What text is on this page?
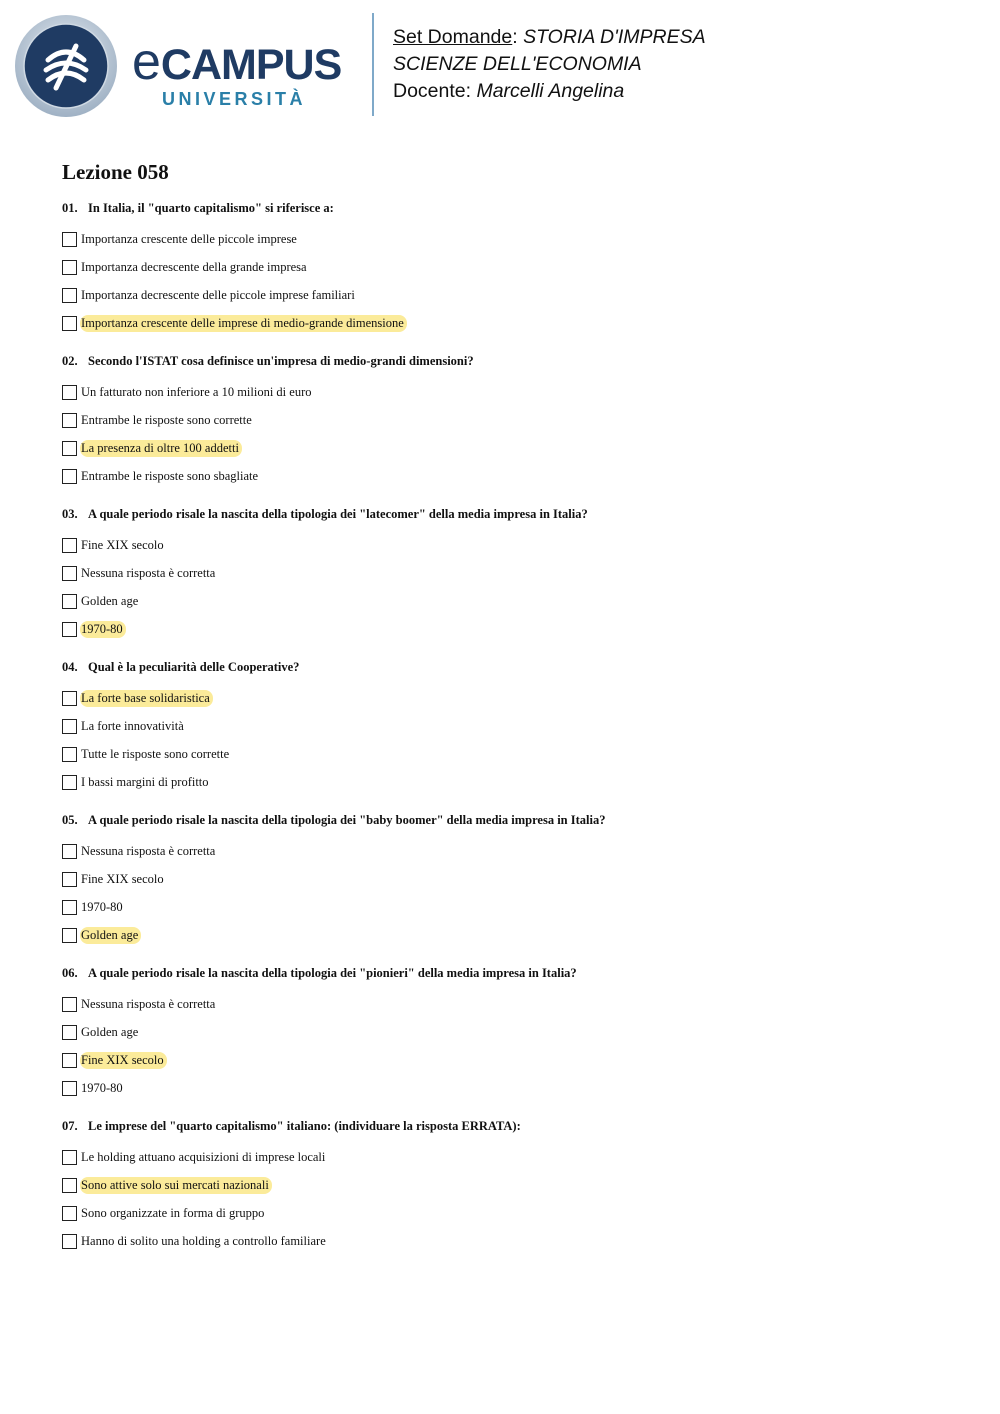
eCAMPUS
UNIVERSITÀ
Set Domande: STORIA D'IMPRESA
SCIENZE DELL'ECONOMIA
Docente: Marcelli Angelina
Lezione 058
01. In Italia, il "quarto capitalismo" si riferisce a:
Importanza crescente delle piccole imprese
Importanza decrescente della grande impresa
Importanza decrescente delle piccole imprese familiari
Importanza crescente delle imprese di medio-grande dimensione
02. Secondo l'ISTAT cosa definisce un'impresa di medio-grandi dimensioni?
Un fatturato non inferiore a 10 milioni di euro
Entrambe le risposte sono corrette
La presenza di oltre 100 addetti
Entrambe le risposte sono sbagliate
03. A quale periodo risale la nascita della tipologia dei "latecomer" della media impresa in Italia?
Fine XIX secolo
Nessuna risposta è corretta
Golden age
1970-80
04. Qual è la peculiarità delle Cooperative?
La forte base solidaristica
La forte innovatività
Tutte le risposte sono corrette
I bassi margini di profitto
05. A quale periodo risale la nascita della tipologia dei "baby boomer" della media impresa in Italia?
Nessuna risposta è corretta
Fine XIX secolo
1970-80
Golden age
06. A quale periodo risale la nascita della tipologia dei "pionieri" della media impresa in Italia?
Nessuna risposta è corretta
Golden age
Fine XIX secolo
1970-80
07. Le imprese del "quarto capitalismo" italiano: (individuare la risposta ERRATA):
Le holding attuano acquisizioni di imprese locali
Sono attive solo sui mercati nazionali
Sono organizzate in forma di gruppo
Hanno di solito una holding a controllo familiare
